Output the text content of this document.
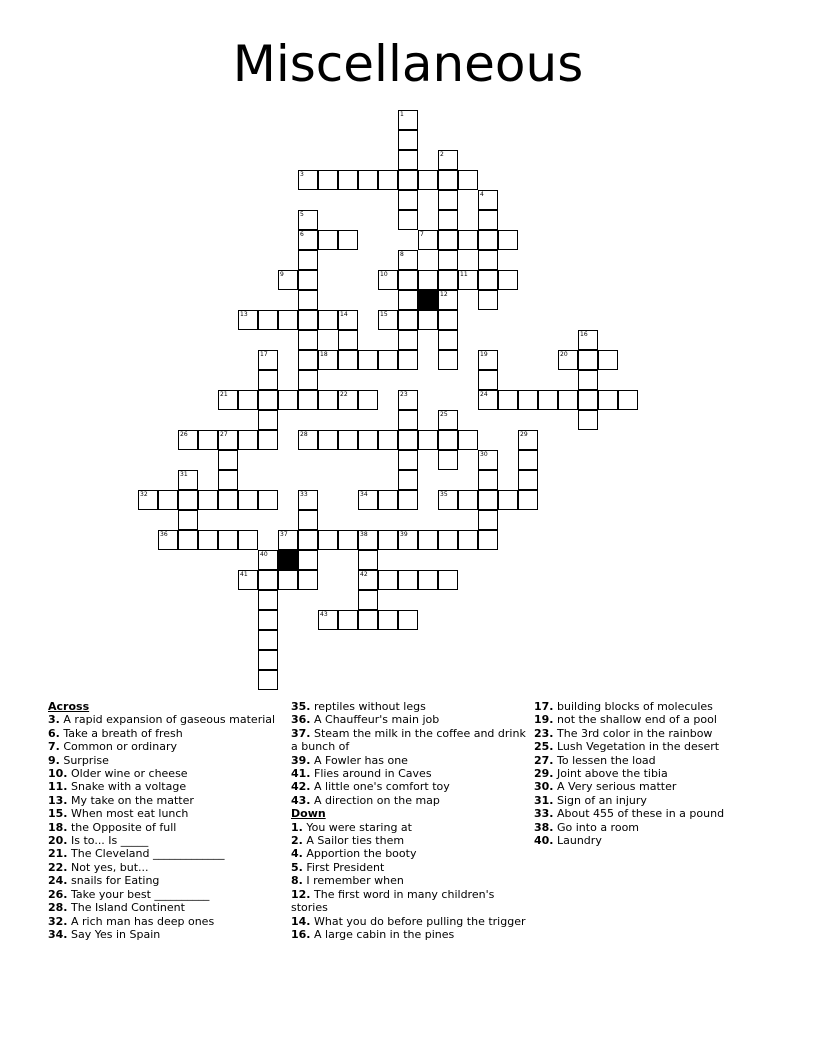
Miscellaneous
1
2
3
4
5
6	7
8
9	10	11
12
13	14	15
16
17	18	19	20
21	22	23	24
25
26	27	28	29
30
31
32	33	34	35
36	37	38
42
39
40
41
43
Across
3. A rapid expansion of gaseous material
6. Take a breath of fresh
7. Common or ordinary
9. Surprise
10. Older wine or cheese
11. Snake with a voltage
13. My take on the matter
15. When most eat lunch
18. the Opposite of full
20. Is to... Is _____
21. The Cleveland _____________
22. Not yes, but...
24. snails for Eating
26. Take your best __________
28. The Island Continent
32. A rich man has deep ones
34. Say Yes in Spain
35. reptiles without legs
36. A Chauffeur's main job
37. Steam the milk in the coffee and drink a bunch of
39. A Fowler has one
41. Flies around in Caves
42. A little one's comfort toy
43. A direction on the map
Down
1. You were staring at
2. A Sailor ties them
4. Apportion the booty
5. First President
8. I remember when
12. The first word in many children's stories
14. What you do before pulling the trigger
16. A large cabin in the pines
17. building blocks of molecules
19. not the shallow end of a pool
23. The 3rd color in the rainbow
25. Lush Vegetation in the desert
27. To lessen the load
29. Joint above the tibia
30. A Very serious matter
31. Sign of an injury
33. About 455 of these in a pound
38. Go into a room
40. Laundry
